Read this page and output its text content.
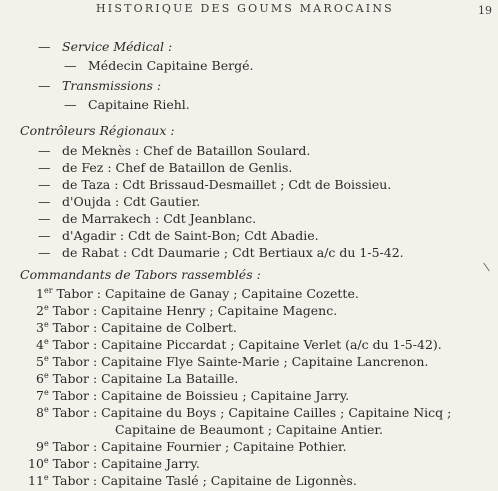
HISTORIQUE DES GOUMS MAROCAINS	19
— Service Médical :
— Médecin Capitaine Bergé.
— Transmissions :
— Capitaine Riehl.
Contrôleurs Régionaux :
— de Meknès : Chef de Bataillon Soulard.
— de Fez : Chef de Bataillon de Genlis.
— de Taza : Cdt Brissaud-Desmaillet ; Cdt de Boissieu.
— d'Oujda : Cdt Gautier.
— de Marrakech : Cdt Jeanblanc.
— d'Agadir : Cdt de Saint-Bon; Cdt Abadie.
— de Rabat : Cdt Daumarie ; Cdt Bertiaux a/c du 1-5-42.
Commandants de Tabors rassemblés :
1er Tabor : Capitaine de Ganay ; Capitaine Cozette.
2e Tabor : Capitaine Henry ; Capitaine Magenc.
3e Tabor : Capitaine de Colbert.
4e Tabor : Capitaine Piccardat ; Capitaine Verlet (a/c du 1-5-42).
5e Tabor : Capitaine Flye Sainte-Marie ; Capitaine Lancrenon.
6e Tabor : Capitaine La Bataille.
7e Tabor : Capitaine de Boissieu ; Capitaine Jarry.
8e Tabor : Capitaine du Boys ; Capitaine Cailles ; Capitaine Nicq ;
Capitaine de Beaumont ; Capitaine Antier.
9e Tabor : Capitaine Fournier ; Capitaine Pothier.
10e Tabor : Capitaine Jarry.
11e Tabor : Capitaine Taslé ; Capitaine de Ligonnès.
